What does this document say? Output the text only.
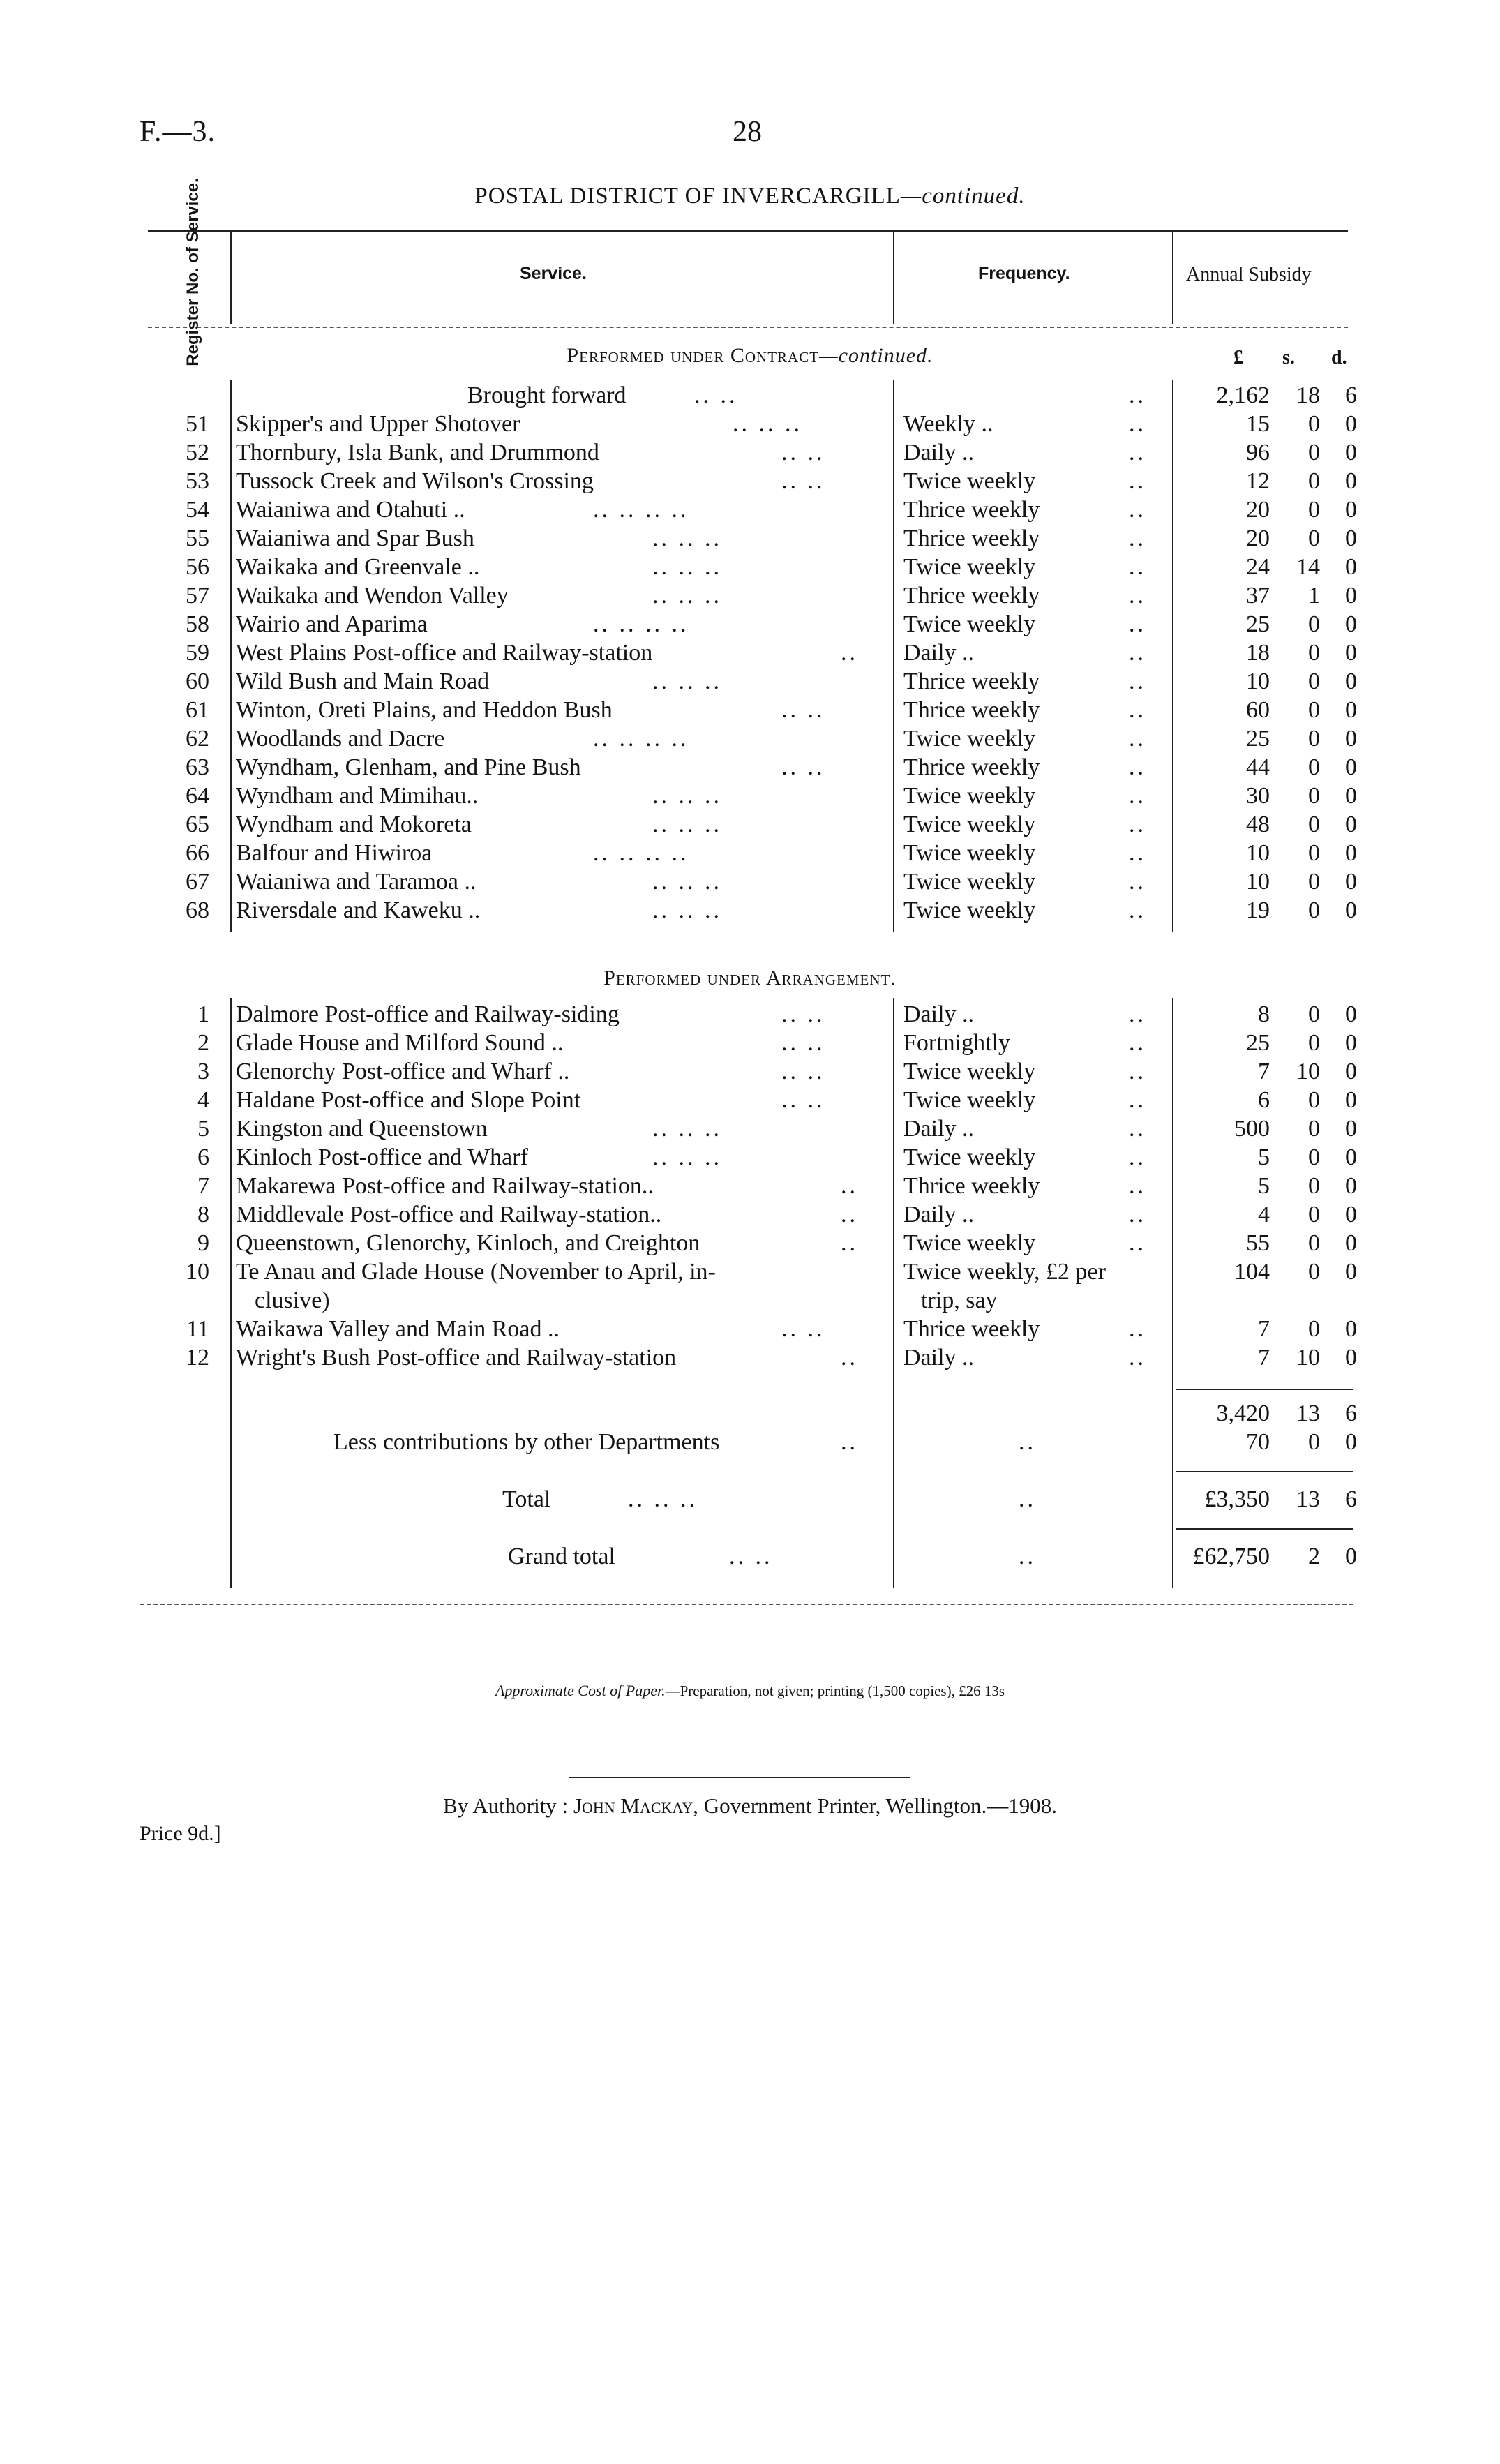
F.—3.	28
POSTAL DISTRICT OF INVERCARGILL—continued.
Register No. of Service.	Service.	Frequency.	Annual Subsidy
Performed under Contract—continued.	£ s. d.
Brought forward	.. ..	..	2,162	18	6
51 Skipper's and Upper Shotover	.. .. ..	Weekly ..	..	15	0	0
52 Thornbury, Isla Bank, and Drummond	.. ..	Daily ..	..	96	0	0
53 Tussock Creek and Wilson's Crossing	.. ..	Twice weekly	..	12	0	0
54 Waianiwa and Otahuti ..	.. .. .. ..	Thrice weekly	..	20	0	0
55 Waianiwa and Spar Bush	.. .. ..	Thrice weekly	..	20	0	0
56 Waikaka and Greenvale ..	.. .. ..	Twice weekly	..	24	14	0
57 Waikaka and Wendon Valley	.. .. ..	Thrice weekly	..	37	1	0
58 Wairio and Aparima	.. .. .. ..	Twice weekly	..	25	0	0
59 West Plains Post-office and Railway-station	.. Daily ..	..	18	0	0
60 Wild Bush and Main Road	.. .. ..	Thrice weekly	..	10	0	0
61 Winton, Oreti Plains, and Heddon Bush	.. ..	Thrice weekly	..	60	0	0
62 Woodlands and Dacre	.. .. .. ..	Twice weekly	..	25	0	0
63 Wyndham, Glenham, and Pine Bush	.. ..	Thrice weekly	..	44	0	0
64 Wyndham and Mimihau..	.. .. ..	Twice weekly	..	30	0	0
65 Wyndham and Mokoreta	.. .. ..	Twice weekly	..	48	0	0
66 Balfour and Hiwiroa	.. .. .. ..	Twice weekly	..	10	0	0
67 Waianiwa and Taramoa ..	.. .. ..	Twice weekly	..	10	0	0
68 Riversdale and Kaweku ..	.. .. ..	Twice weekly	..	19	0	0
Performed under Arrangement.
1 Dalmore Post-office and Railway-siding	.. ..	Daily ..	..	8	0	0
2 Glade House and Milford Sound ..	.. ..	Fortnightly	..	25	0	0
3 Glenorchy Post-office and Wharf ..	.. ..	Twice weekly	..	7	10	0
4 Haldane Post-office and Slope Point	.. ..	Twice weekly	..	6	0	0
5 Kingston and Queenstown	.. .. ..	Daily ..	..	500	0	0
6 Kinloch Post-office and Wharf	.. .. ..	Twice weekly	..	5	0	0
7 Makarewa Post-office and Railway-station..	.. Thrice weekly	..	5	0	0
8 Middlevale Post-office and Railway-station..	.. Daily ..	..	4	0	0
9 Queenstown, Glenorchy, Kinloch, and Creighton	.. Twice weekly	..	55	0	0
10 Te Anau and Glade House (November to April, in-	Twice weekly, £2 per	104	0	0
clusive)	trip, say
11 Waikawa Valley and Main Road ..	.. ..	Thrice weekly	..	7	0	0
12 Wright's Bush Post-office and Railway-station	.. Daily ..	..	7	10	0
3,420	13	6
Less contributions by other Departments	..	..	70	0	0
Total	.. .. ..	..	£3,350	13	6
Grand total	.. ..	..	£62,750	2	0
Approximate Cost of Paper.—Preparation, not given; printing (1,500 copies), £26 13s
By Authority : John Mackay, Government Printer, Wellington.—1908.
Price 9d.]
